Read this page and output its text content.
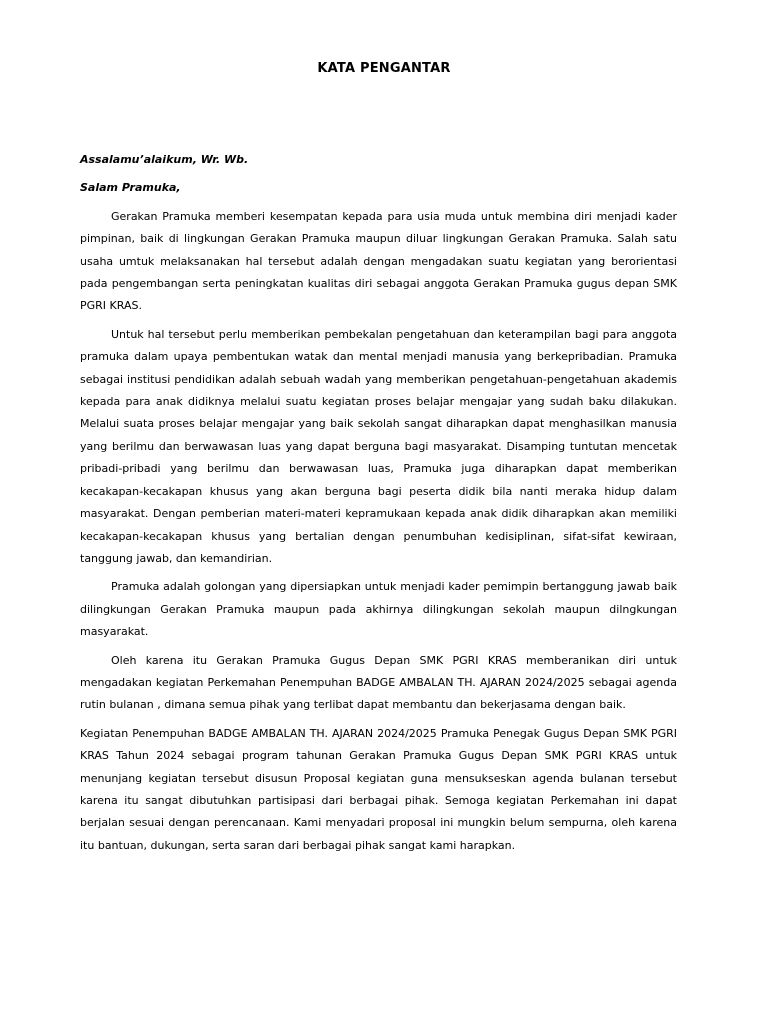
KATA PENGANTAR

Assalamu’alaikum, Wr. Wb.

Salam Pramuka,

Gerakan Pramuka memberi kesempatan kepada para usia muda untuk membina diri menjadi kader pimpinan, baik di lingkungan Gerakan Pramuka maupun diluar lingkungan Gerakan Pramuka. Salah satu usaha umtuk melaksanakan hal tersebut adalah dengan mengadakan suatu kegiatan yang berorientasi pada pengembangan serta peningkatan kualitas diri sebagai anggota Gerakan Pramuka gugus depan SMK PGRI KRAS.

Untuk hal tersebut perlu memberikan pembekalan pengetahuan dan keterampilan bagi para anggota pramuka dalam upaya pembentukan watak dan mental menjadi manusia yang berkepribadian. Pramuka sebagai institusi pendidikan adalah sebuah wadah yang memberikan pengetahuan-pengetahuan akademis kepada para anak didiknya melalui suatu kegiatan proses belajar mengajar yang sudah baku dilakukan. Melalui suata proses belajar mengajar yang baik sekolah sangat diharapkan dapat menghasilkan manusia yang berilmu dan berwawasan luas yang dapat berguna bagi masyarakat. Disamping tuntutan mencetak pribadi-pribadi yang berilmu dan berwawasan luas, Pramuka juga diharapkan dapat memberikan kecakapan-kecakapan khusus yang akan berguna bagi peserta didik bila nanti meraka hidup dalam masyarakat. Dengan pemberian materi-materi kepramukaan kepada anak didik diharapkan akan memiliki kecakapan-kecakapan khusus yang bertalian dengan penumbuhan kedisiplinan, sifat-sifat kewiraan, tanggung jawab, dan kemandirian.

Pramuka adalah golongan yang dipersiapkan untuk menjadi kader pemimpin bertanggung jawab baik dilingkungan Gerakan Pramuka maupun pada akhirnya dilingkungan sekolah maupun dilngkungan masyarakat.

Oleh karena itu Gerakan Pramuka Gugus Depan SMK PGRI KRAS memberanikan diri untuk mengadakan kegiatan Perkemahan Penempuhan BADGE AMBALAN TH. AJARAN 2024/2025 sebagai agenda rutin bulanan , dimana semua pihak yang terlibat dapat membantu dan bekerjasama dengan baik.

Kegiatan Penempuhan BADGE AMBALAN TH. AJARAN 2024/2025 Pramuka Penegak Gugus Depan SMK PGRI KRAS Tahun 2024 sebagai program tahunan Gerakan Pramuka Gugus Depan SMK PGRI KRAS untuk menunjang kegiatan tersebut disusun Proposal kegiatan guna mensukseskan agenda bulanan tersebut karena itu sangat dibutuhkan partisipasi dari berbagai pihak. Semoga kegiatan Perkemahan ini dapat berjalan sesuai dengan perencanaan. Kami menyadari proposal ini mungkin belum sempurna, oleh karena itu bantuan, dukungan, serta saran dari berbagai pihak sangat kami harapkan.
